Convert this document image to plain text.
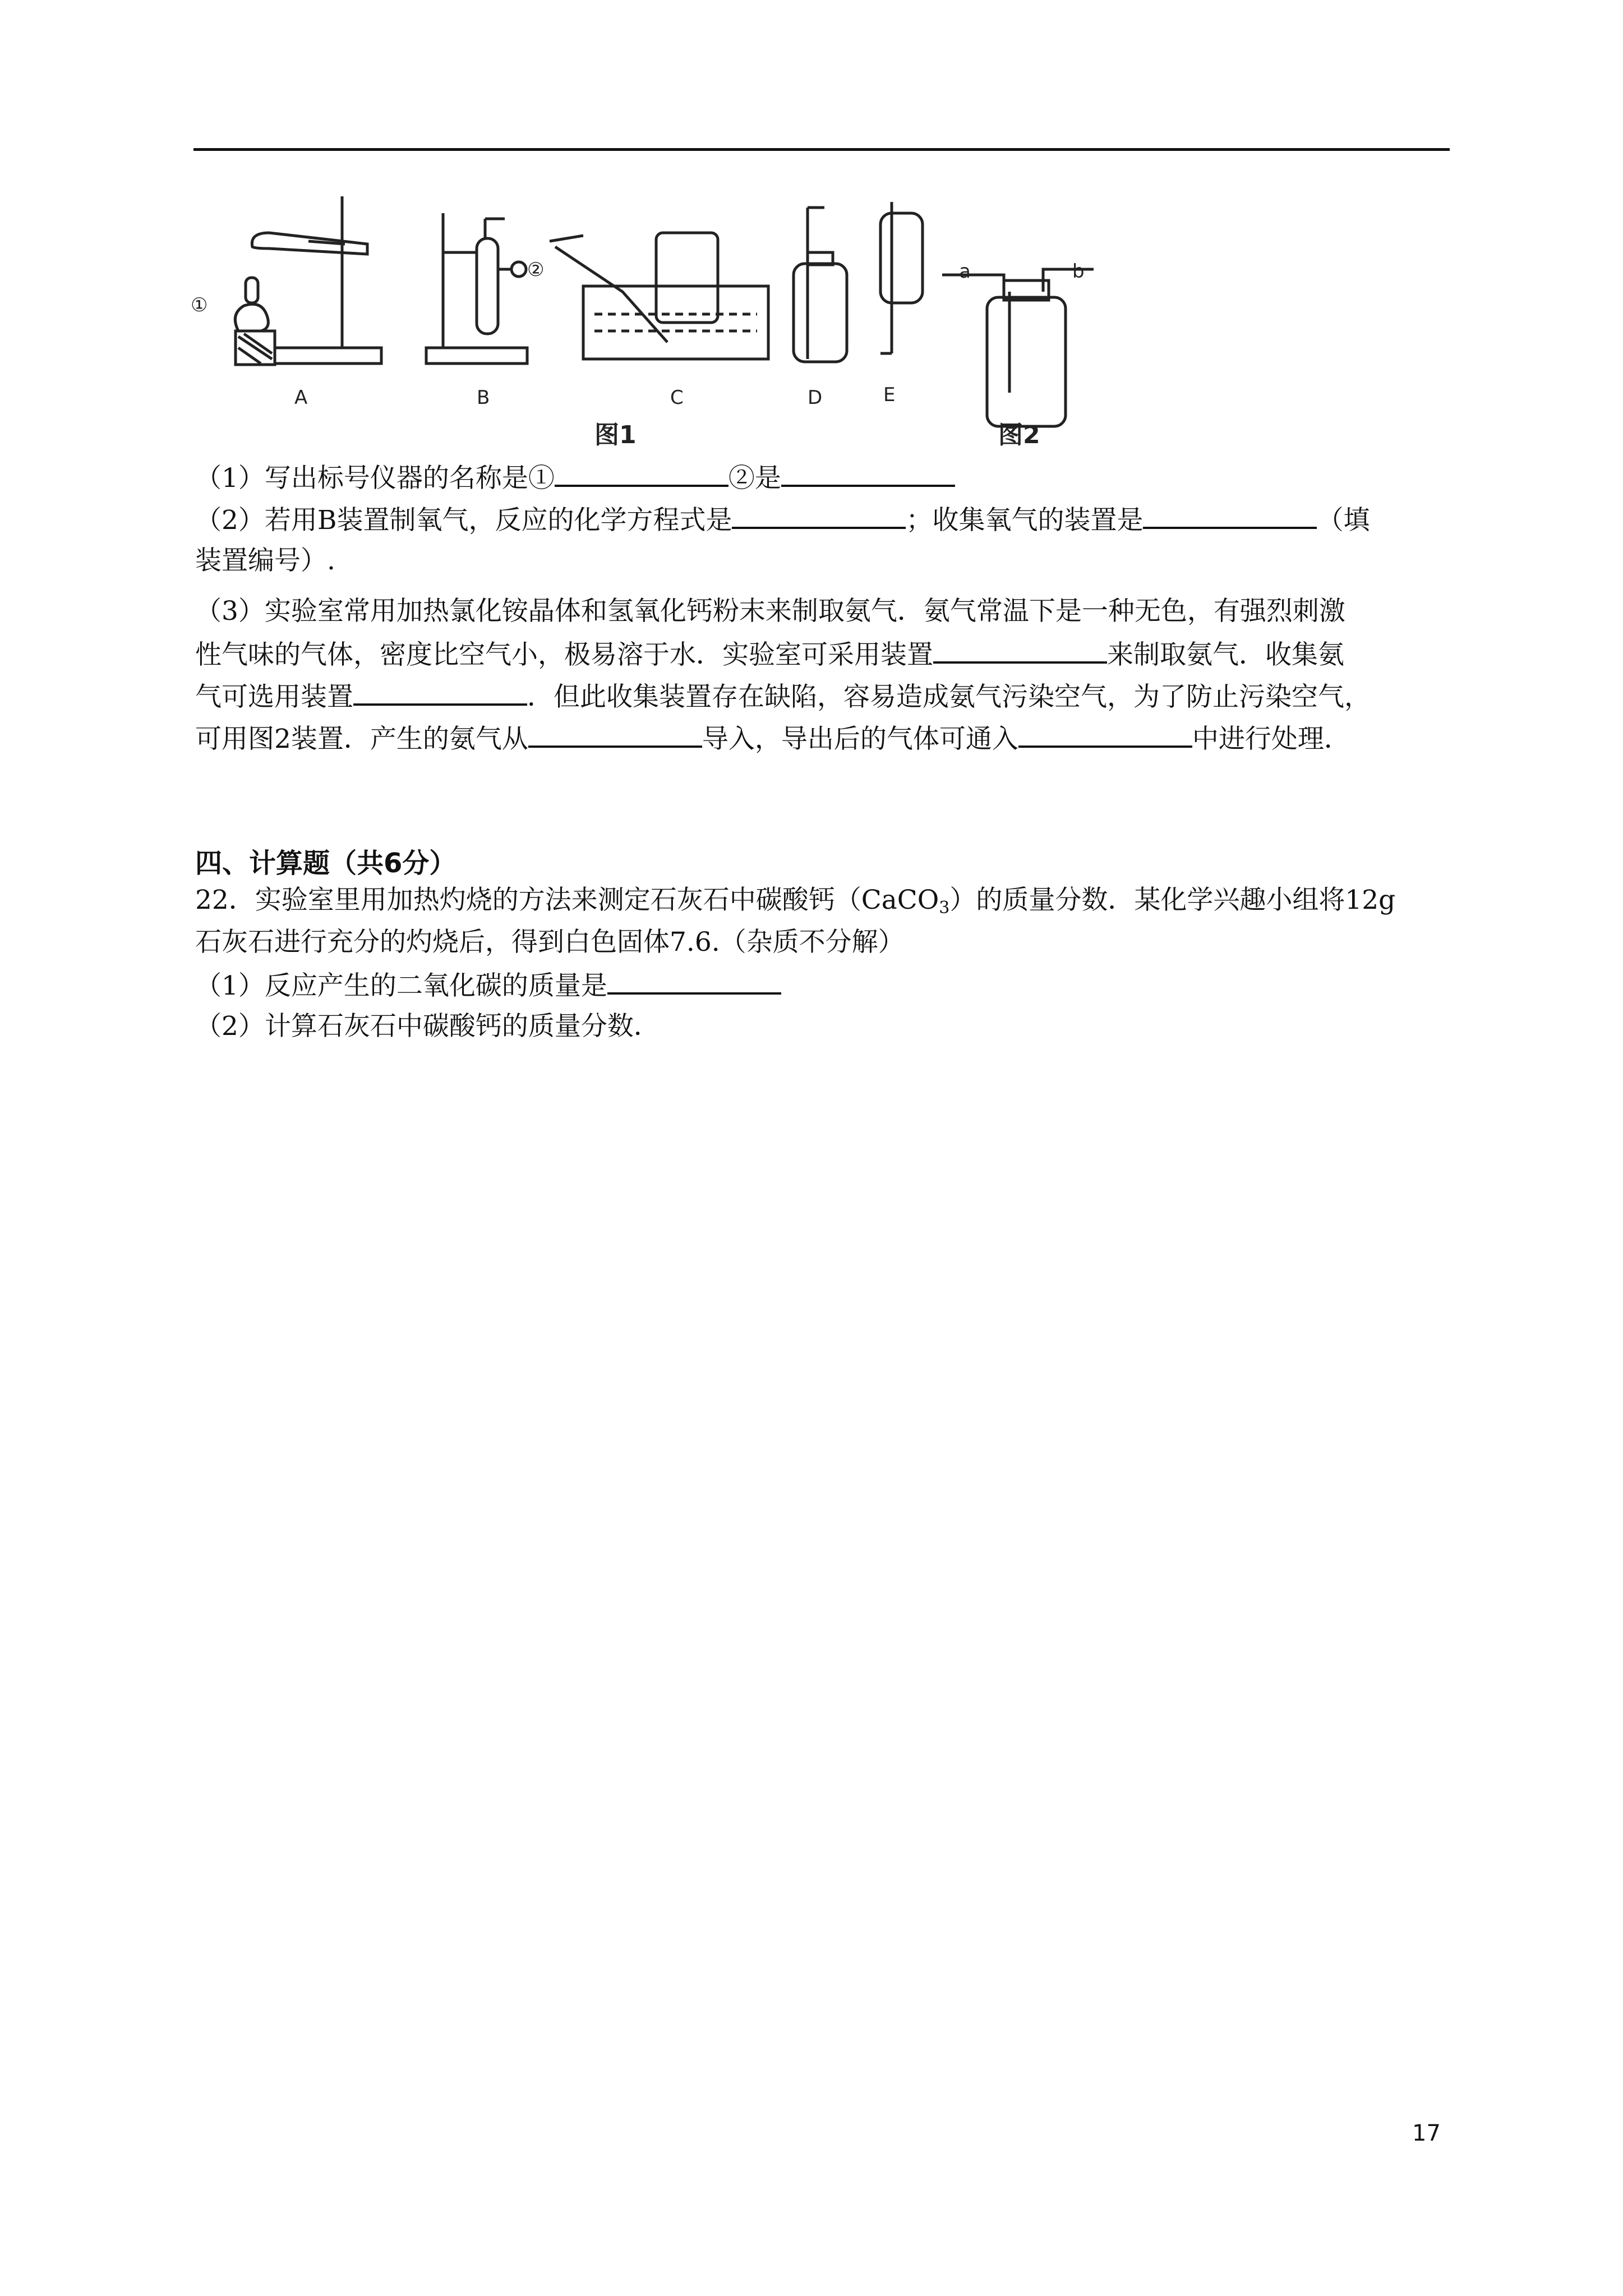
①
②
A	B	C	D	E
a	b
图1	图2
（1）写出标号仪器的名称是①	②是
（2）若用B装置制氧气，反应的化学方程式是	；收集氧气的装置是	（填
装置编号）.
（3）实验室常用加热氯化铵晶体和氢氧化钙粉末来制取氨气．氨气常温下是一种无色，有强烈刺激
性气味的气体，密度比空气小，极易溶于水．实验室可采用装置	来制取氨气．收集氨
气可选用装置	．但此收集装置存在缺陷，容易造成氨气污染空气，为了防止污染空气，
可用图2装置．产生的氨气从	导入，导出后的气体可通入	中进行处理．
四、计算题（共6分）
22．实验室里用加热灼烧的方法来测定石灰石中碳酸钙（CaCO$_3$）的质量分数．某化学兴趣小组将12g
石灰石进行充分的灼烧后，得到白色固体7.6.（杂质不分解）
（1）反应产生的二氧化碳的质量是
（2）计算石灰石中碳酸钙的质量分数．
17
